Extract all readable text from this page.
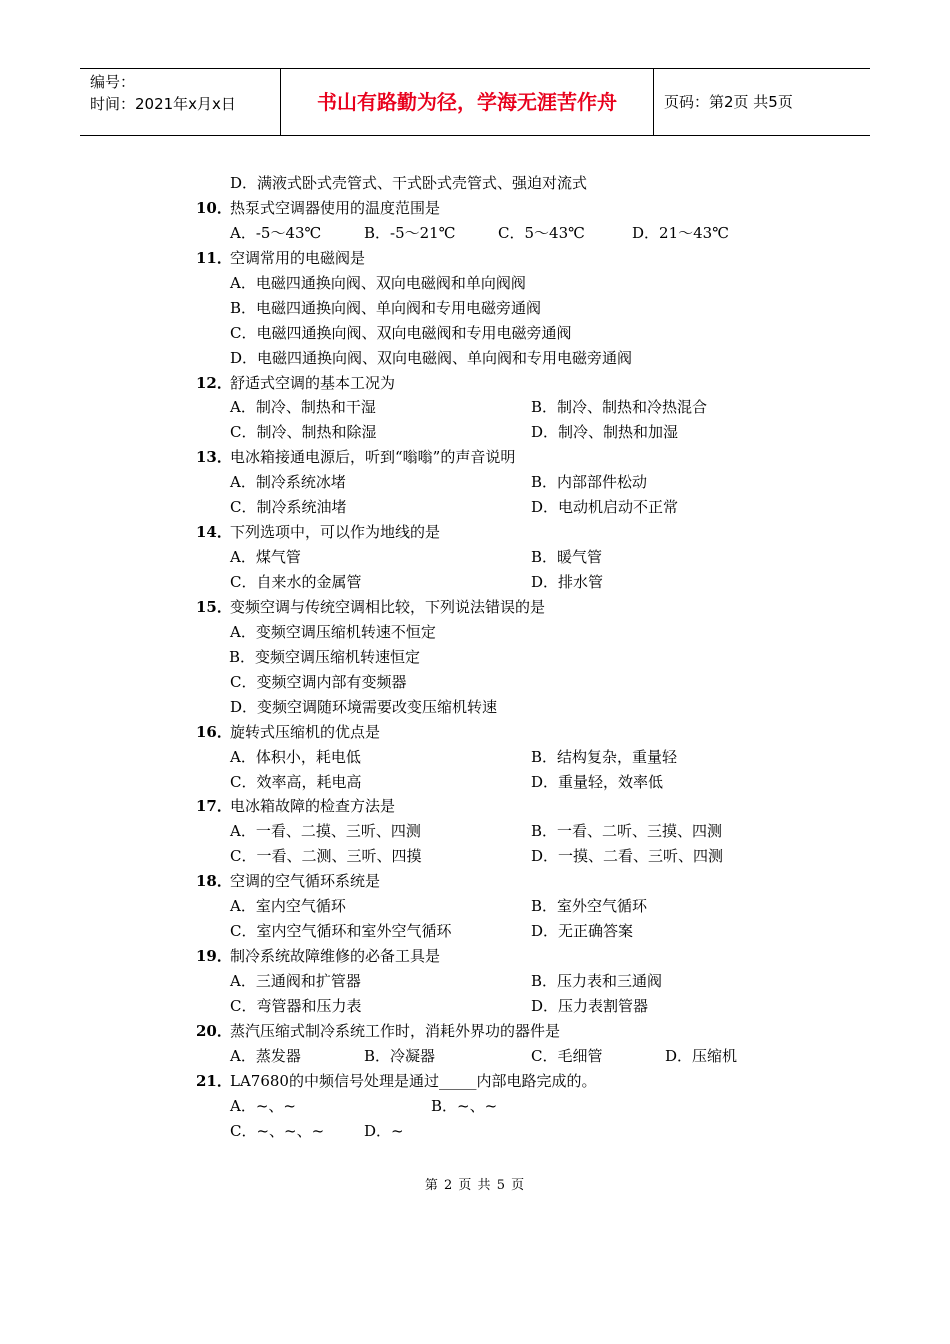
编号：
时间：2021年x月x日	书山有路勤为径，学海无涯苦作舟	页码：第2页 共5页
D．满液式卧式壳管式、干式卧式壳管式、强迫对流式
10．
热泵式空调器使用的温度范围是
A．-5～43℃	B．-5～21℃	C．5～43℃	D．21～43℃
11．
空调常用的电磁阀是
A．电磁四通换向阀、双向电磁阀和单向阀阀
B．电磁四通换向阀、单向阀和专用电磁旁通阀
C．电磁四通换向阀、双向电磁阀和专用电磁旁通阀
D．电磁四通换向阀、双向电磁阀、单向阀和专用电磁旁通阀
12．
舒适式空调的基本工况为
A．制冷、制热和干湿	B．制冷、制热和冷热混合
C．制冷、制热和除湿	D．制冷、制热和加湿
13．
电冰箱接通电源后，听到“嗡嗡”的声音说明
A．制冷系统冰堵	B．内部部件松动
C．制冷系统油堵	D．电动机启动不正常
14．
下列选项中，可以作为地线的是
A．煤气管	B．暖气管
C．自来水的金属管	D．排水管
15．
变频空调与传统空调相比较，下列说法错误的是
A．变频空调压缩机转速不恒定
B．变频空调压缩机转速恒定
C．变频空调内部有变频器
D．变频空调随环境需要改变压缩机转速
16．
旋转式压缩机的优点是
A．体积小，耗电低	B．结构复杂，重量轻
C．效率高，耗电高	D．重量轻，效率低
17．
电冰箱故障的检查方法是
A．一看、二摸、三听、四测	B．一看、二听、三摸、四测
C．一看、二测、三听、四摸	D．一摸、二看、三听、四测
18．
空调的空气循环系统是
A．室内空气循环	B．室外空气循环
C．室内空气循环和室外空气循环	D．无正确答案
19．
制冷系统故障维修的必备工具是
A．三通阀和扩管器	B．压力表和三通阀
C．弯管器和压力表	D．压力表割管器
20．
蒸汽压缩式制冷系统工作时，消耗外界功的器件是
A．蒸发器	B．冷凝器	C．毛细管	D．压缩机
21．
LA7680的中频信号处理是通过_____内部电路完成的。
A．~、~	B．~、~
C．~、~、~	D．~
第 2 页 共 5 页
